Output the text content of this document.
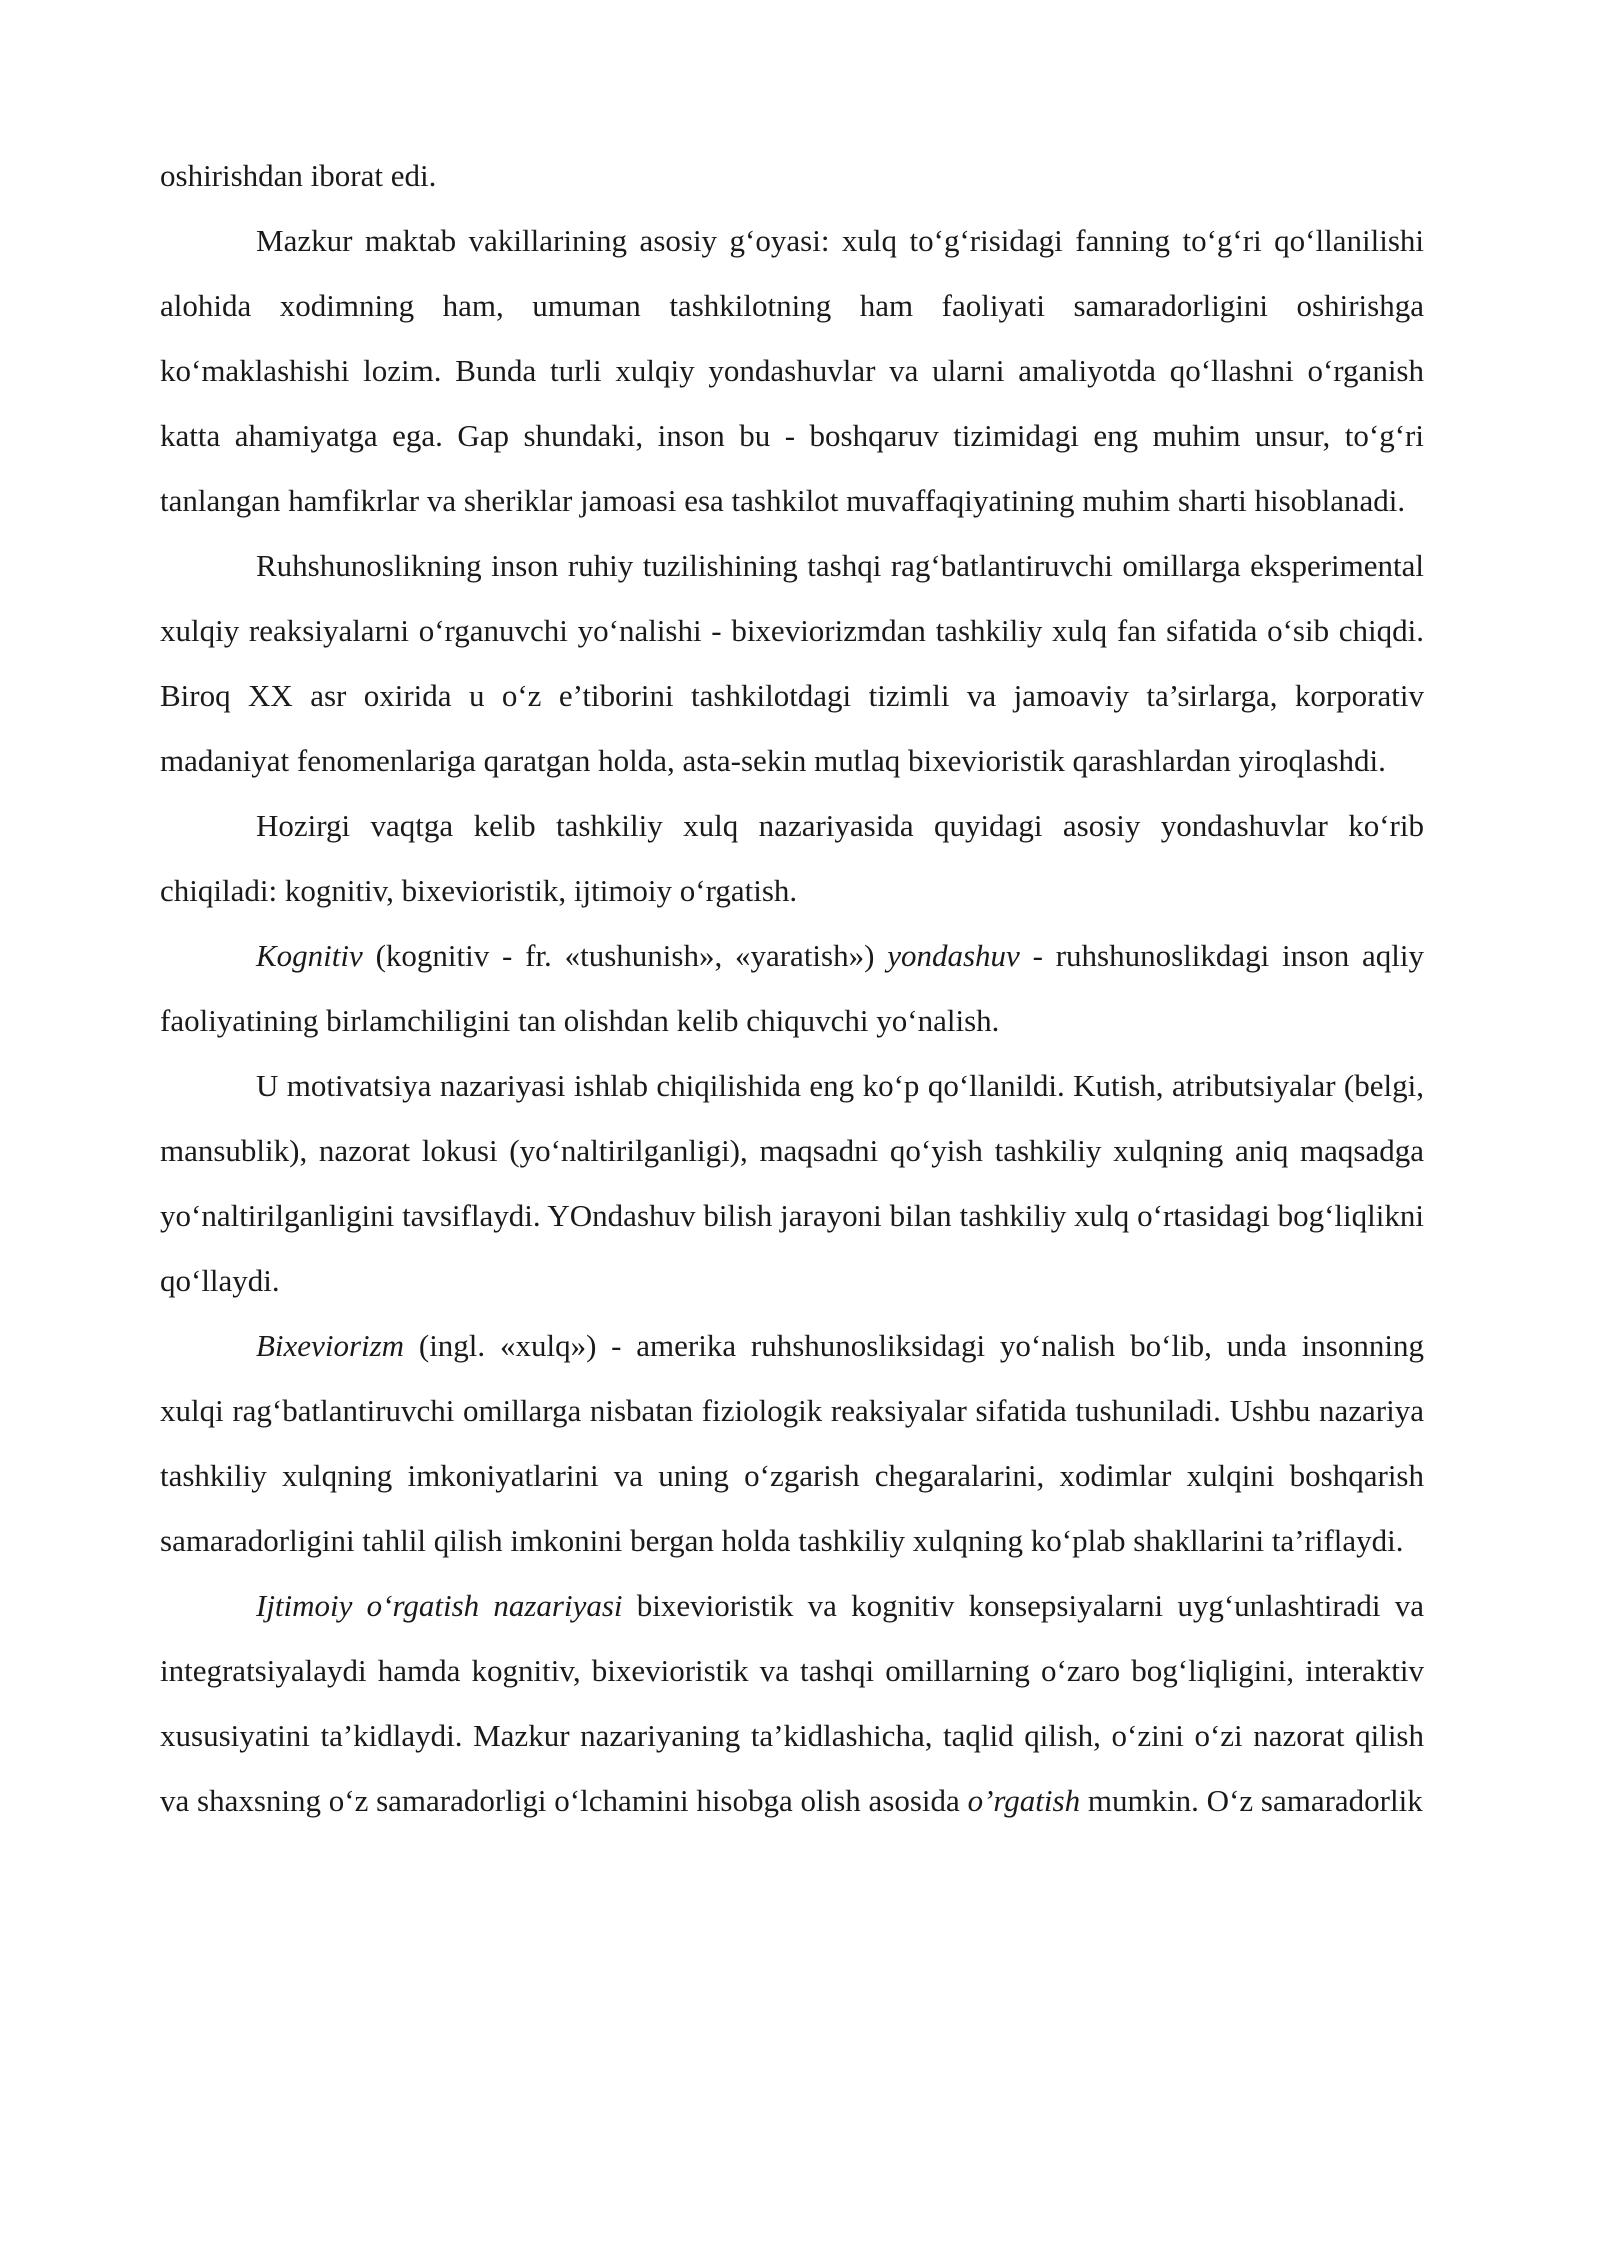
oshirishdan iborat edi.

Mazkur maktab vakillarining asosiy g‘oyasi: xulq to‘g‘risidagi fanning to‘g‘ri qo‘llanilishi alohida xodimning ham, umuman tashkilotning ham faoliyati samaradorligini oshirishga ko‘maklashishi lozim. Bunda turli xulqiy yondashuvlar va ularni amaliyotda qo‘llashni o‘rganish katta ahamiyatga ega. Gap shundaki, inson bu - boshqaruv tizimidagi eng muhim unsur, to‘g‘ri tanlangan hamfikrlar va sheriklar jamoasi esa tashkilot muvaffaqiyatining muhim sharti hisoblanadi.

Ruhshunoslikning inson ruhiy tuzilishining tashqi rag‘batlantiruvchi omillarga eksperimental xulqiy reaksiyalarni o‘rganuvchi yo‘nalishi - bixeviorizmdan tashkiliy xulq fan sifatida o‘sib chiqdi. Biroq XX asr oxirida u o‘z e’tiborini tashkilotdagi tizimli va jamoaviy ta’sirlarga, korporativ madaniyat fenomenlariga qaratgan holda, asta-sekin mutlaq bixevioristik qarashlardan yiroqlashdi.

Hozirgi vaqtga kelib tashkiliy xulq nazariyasida quyidagi asosiy yondashuvlar ko‘rib chiqiladi: kognitiv, bixevioristik, ijtimoiy o‘rgatish.

Kognitiv (kognitiv - fr. «tushunish», «yaratish») yondashuv - ruhshunoslikdagi inson aqliy faoliyatining birlamchiligini tan olishdan kelib chiquvchi yo‘nalish.

U motivatsiya nazariyasi ishlab chiqilishida eng ko‘p qo‘llanildi. Kutish, atributsiyalar (belgi, mansublik), nazorat lokusi (yo‘naltirilganligi), maqsadni qo‘yish tashkiliy xulqning aniq maqsadga yo‘naltirilganligini tavsiflaydi. YOndashuv bilish jarayoni bilan tashkiliy xulq o‘rtasidagi bog‘liqlikni qo‘llaydi.

Bixeviorizm (ingl. «xulq») - amerika ruhshunosliksidagi yo‘nalish bo‘lib, unda insonning xulqi rag‘batlantiruvchi omillarga nisbatan fiziologik reaksiyalar sifatida tushuniladi. Ushbu nazariya tashkiliy xulqning imkoniyatlarini va uning o‘zgarish chegaralarini, xodimlar xulqini boshqarish samaradorligini tahlil qilish imkonini bergan holda tashkiliy xulqning ko‘plab shakllarini ta’riflaydi.

Ijtimoiy o‘rgatish nazariyasi bixevioristik va kognitiv konsepsiyalarni uyg‘unlashtiradi va integratsiyalaydi hamda kognitiv, bixevioristik va tashqi omillarning o‘zaro bog‘liqligini, interaktiv xususiyatini ta’kidlaydi. Mazkur nazariyaning ta’kidlashicha, taqlid qilish, o‘zini o‘zi nazorat qilish va shaxsning o‘z samaradorligi o‘lchamini hisobga olish asosida o’rgatish mumkin. O‘z samaradorlik
